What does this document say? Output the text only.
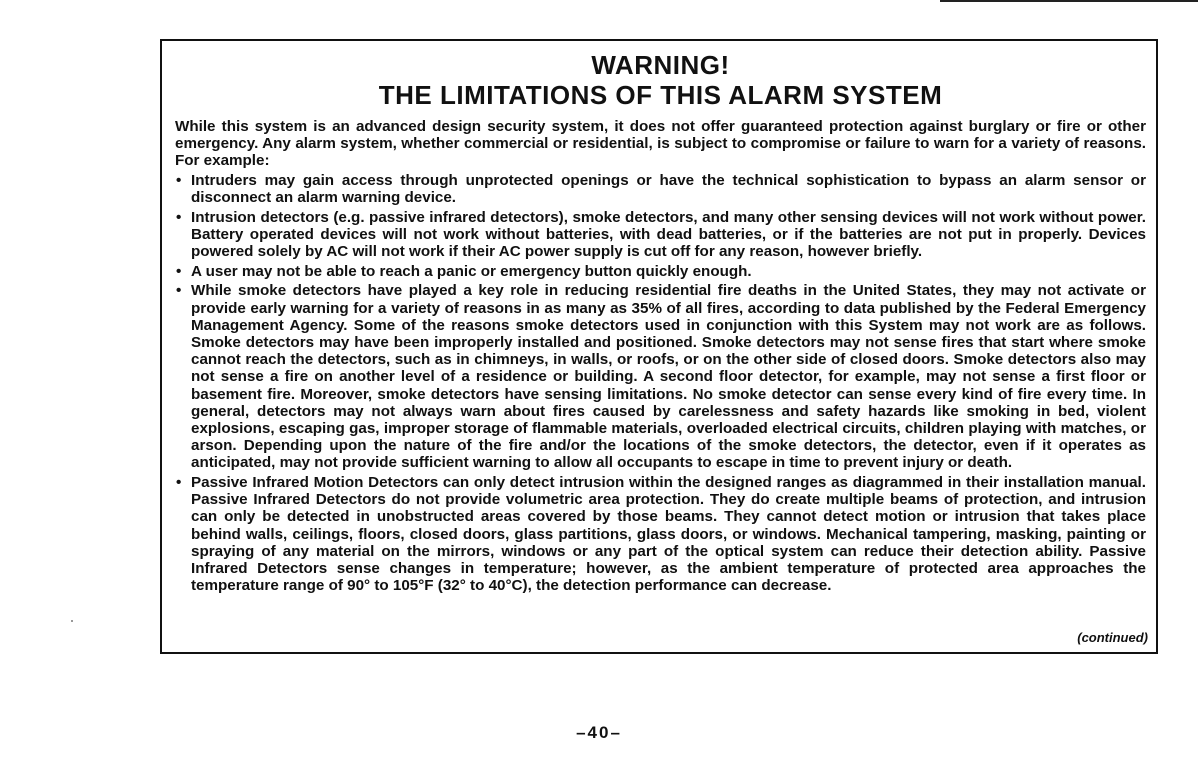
WARNING!
THE LIMITATIONS OF THIS ALARM SYSTEM

While this system is an advanced design security system, it does not offer guaranteed protection against burglary or fire or other emergency. Any alarm system, whether commercial or residential, is subject to compromise or failure to warn for a variety of reasons. For example:

• Intruders may gain access through unprotected openings or have the technical sophistication to bypass an alarm sensor or disconnect an alarm warning device.
• Intrusion detectors (e.g. passive infrared detectors), smoke detectors, and many other sensing devices will not work without power. Battery operated devices will not work without batteries, with dead batteries, or if the batteries are not put in properly. Devices powered solely by AC will not work if their AC power supply is cut off for any reason, however briefly.
• A user may not be able to reach a panic or emergency button quickly enough.
• While smoke detectors have played a key role in reducing residential fire deaths in the United States, they may not activate or provide early warning for a variety of reasons in as many as 35% of all fires, according to data published by the Federal Emergency Management Agency. Some of the reasons smoke detectors used in conjunction with this System may not work are as follows. Smoke detectors may have been improperly installed and positioned. Smoke detectors may not sense fires that start where smoke cannot reach the detectors, such as in chimneys, in walls, or roofs, or on the other side of closed doors. Smoke detectors also may not sense a fire on another level of a residence or building. A second floor detector, for example, may not sense a first floor or basement fire. Moreover, smoke detectors have sensing limitations. No smoke detector can sense every kind of fire every time. In general, detectors may not always warn about fires caused by carelessness and safety hazards like smoking in bed, violent explosions, escaping gas, improper storage of flammable materials, overloaded electrical circuits, children playing with matches, or arson. Depending upon the nature of the fire and/or the locations of the smoke detectors, the detector, even if it operates as anticipated, may not provide sufficient warning to allow all occupants to escape in time to prevent injury or death.
• Passive Infrared Motion Detectors can only detect intrusion within the designed ranges as diagrammed in their installation manual. Passive Infrared Detectors do not provide volumetric area protection. They do create multiple beams of protection, and intrusion can only be detected in unobstructed areas covered by those beams. They cannot detect motion or intrusion that takes place behind walls, ceilings, floors, closed doors, glass partitions, glass doors, or windows. Mechanical tampering, masking, painting or spraying of any material on the mirrors, windows or any part of the optical system can reduce their detection ability. Passive Infrared Detectors sense changes in temperature; however, as the ambient temperature of protected area approaches the temperature range of 90° to 105°F (32° to 40°C), the detection performance can decrease.
(continued)
–40–
